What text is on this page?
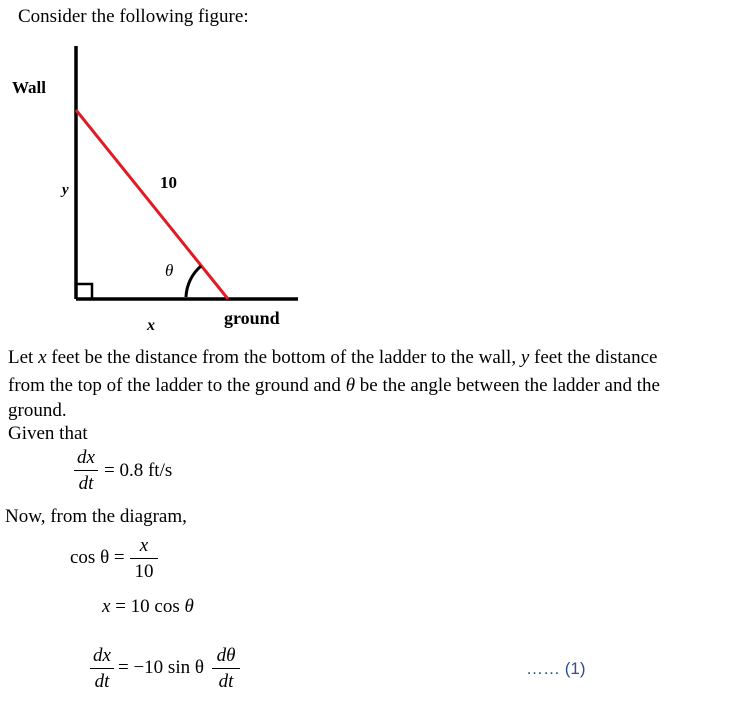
Consider the following figure:
Wall
y	10
θ
x	ground
Let x feet be the distance from the bottom of the ladder to the wall, y feet the distance
from the top of the ladder to the ground and θ be the angle between the ladder and the
ground.
Given that
dx
dt
= 0.8 ft/s
Now, from the diagram,
cos θ =
x
10
x = 10 cos θ
dx
dt
= −10 sin θ
dθ
dt
…… (1)
